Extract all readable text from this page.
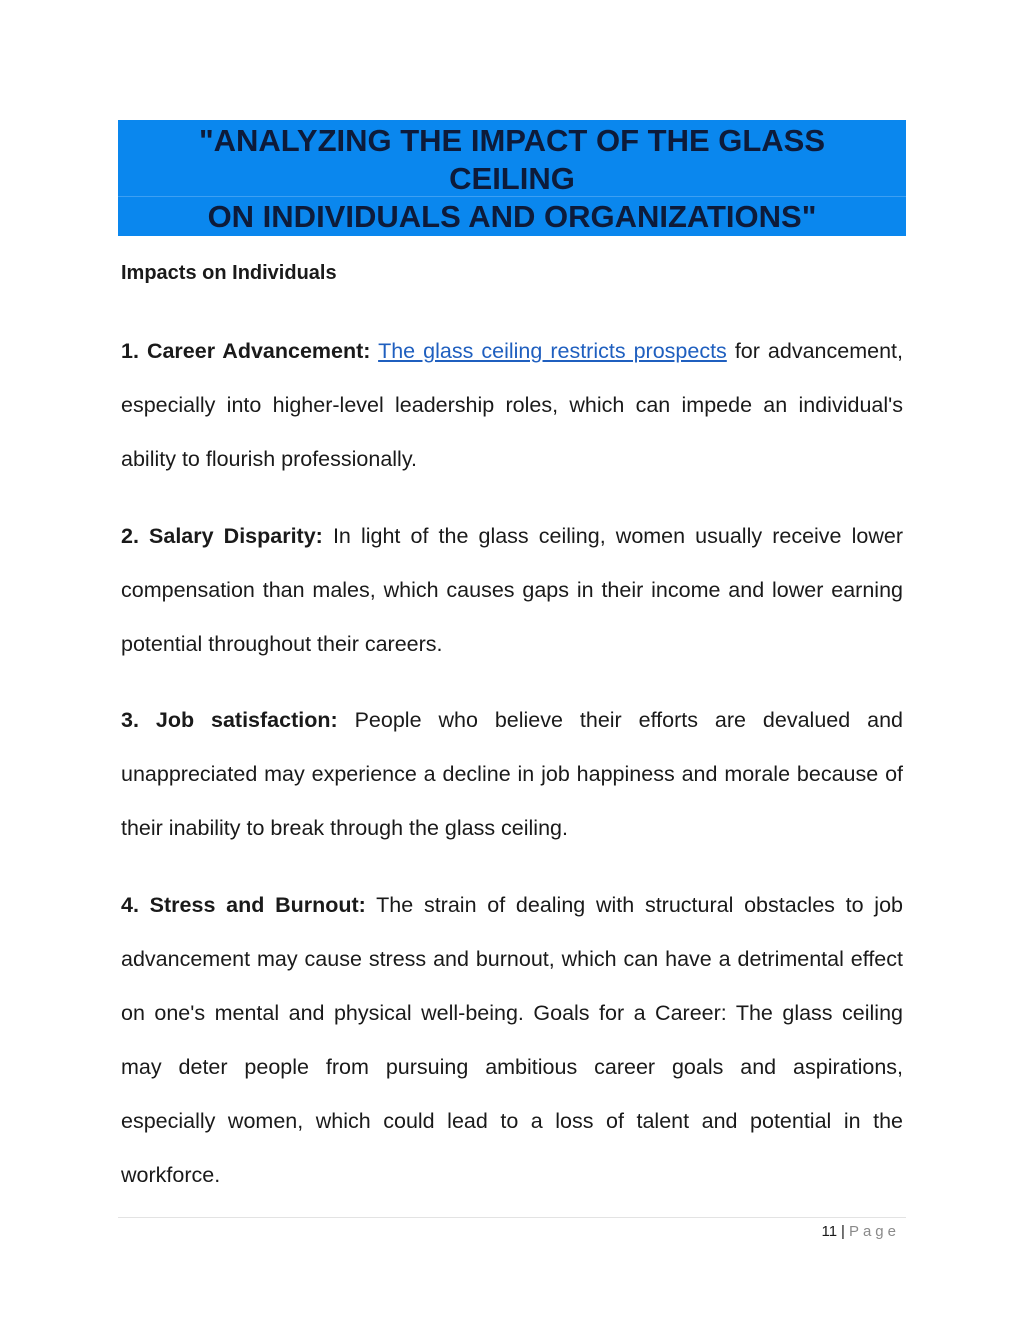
"ANALYZING THE IMPACT OF THE GLASS
CEILING
ON INDIVIDUALS AND ORGANIZATIONS"
Impacts on Individuals

1. Career Advancement: The glass ceiling restricts prospects for advancement, especially into higher-level leadership roles, which can impede an individual's ability to flourish professionally.

2. Salary Disparity: In light of the glass ceiling, women usually receive lower compensation than males, which causes gaps in their income and lower earning potential throughout their careers.

3. Job satisfaction: People who believe their efforts are devalued and unappreciated may experience a decline in job happiness and morale because of their inability to break through the glass ceiling.

4. Stress and Burnout: The strain of dealing with structural obstacles to job advancement may cause stress and burnout, which can have a detrimental effect on one's mental and physical well-being. Goals for a Career: The glass ceiling may deter people from pursuing ambitious career goals and aspirations, especially women, which could lead to a loss of talent and potential in the workforce.

11 | Page
